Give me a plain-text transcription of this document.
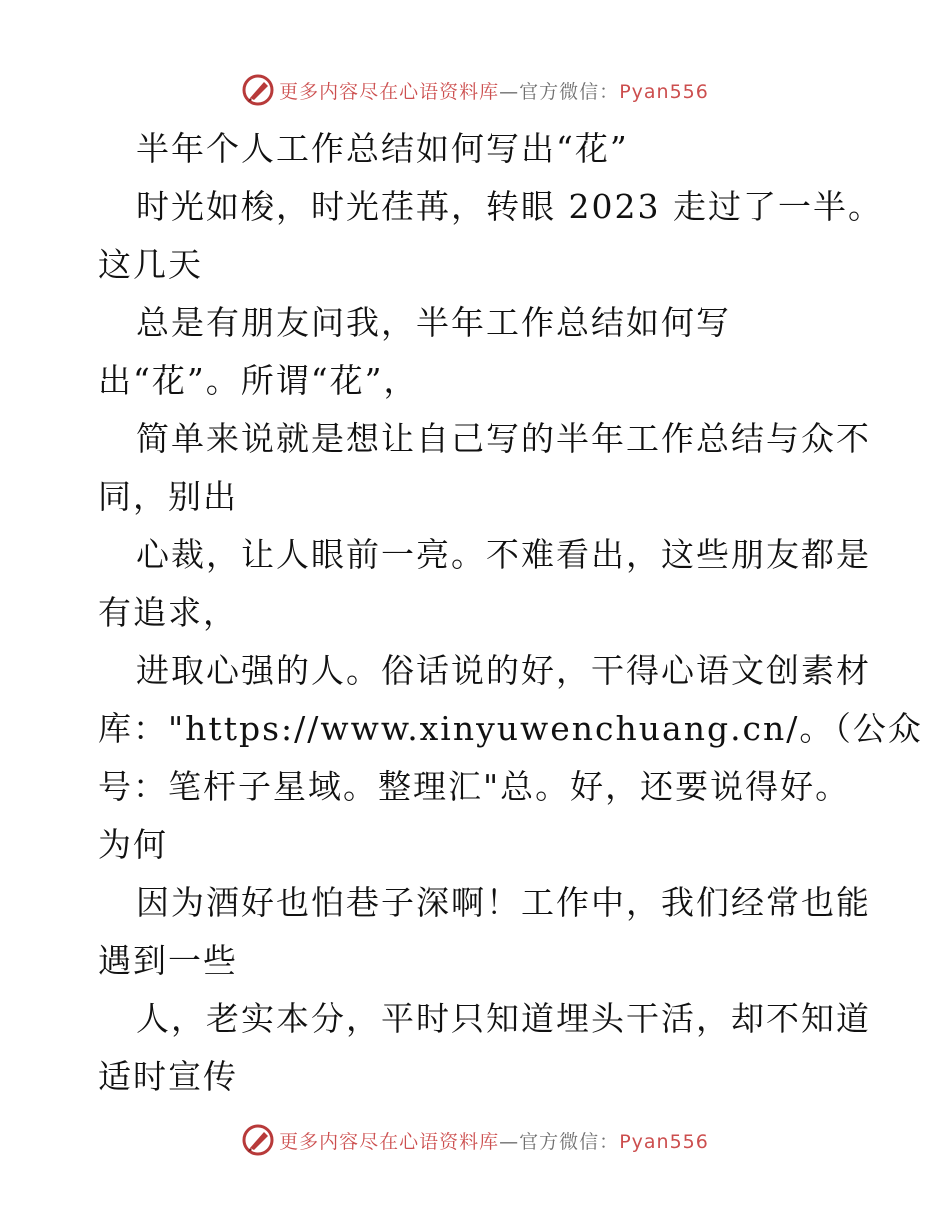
更多内容尽在心语资料库—官方微信：Pyan556
半年个人工作总结如何写出“花”
时光如梭，时光荏苒，转眼 2023 走过了一半。
这几天
总是有朋友问我，半年工作总结如何写
出“花”。所谓“花”，
简单来说就是想让自己写的半年工作总结与众不
同，别出
心裁，让人眼前一亮。不难看出，这些朋友都是
有追求，
进取心强的人。俗话说的好，干得心语文创素材
库："https://www.xinyuwenchuang.cn/。（公众
号：笔杆子星域。整理汇"总。好，还要说得好。
为何
因为酒好也怕巷子深啊！工作中，我们经常也能
遇到一些
人，老实本分，平时只知道埋头干活，却不知道
适时宣传
更多内容尽在心语资料库—官方微信：Pyan556
